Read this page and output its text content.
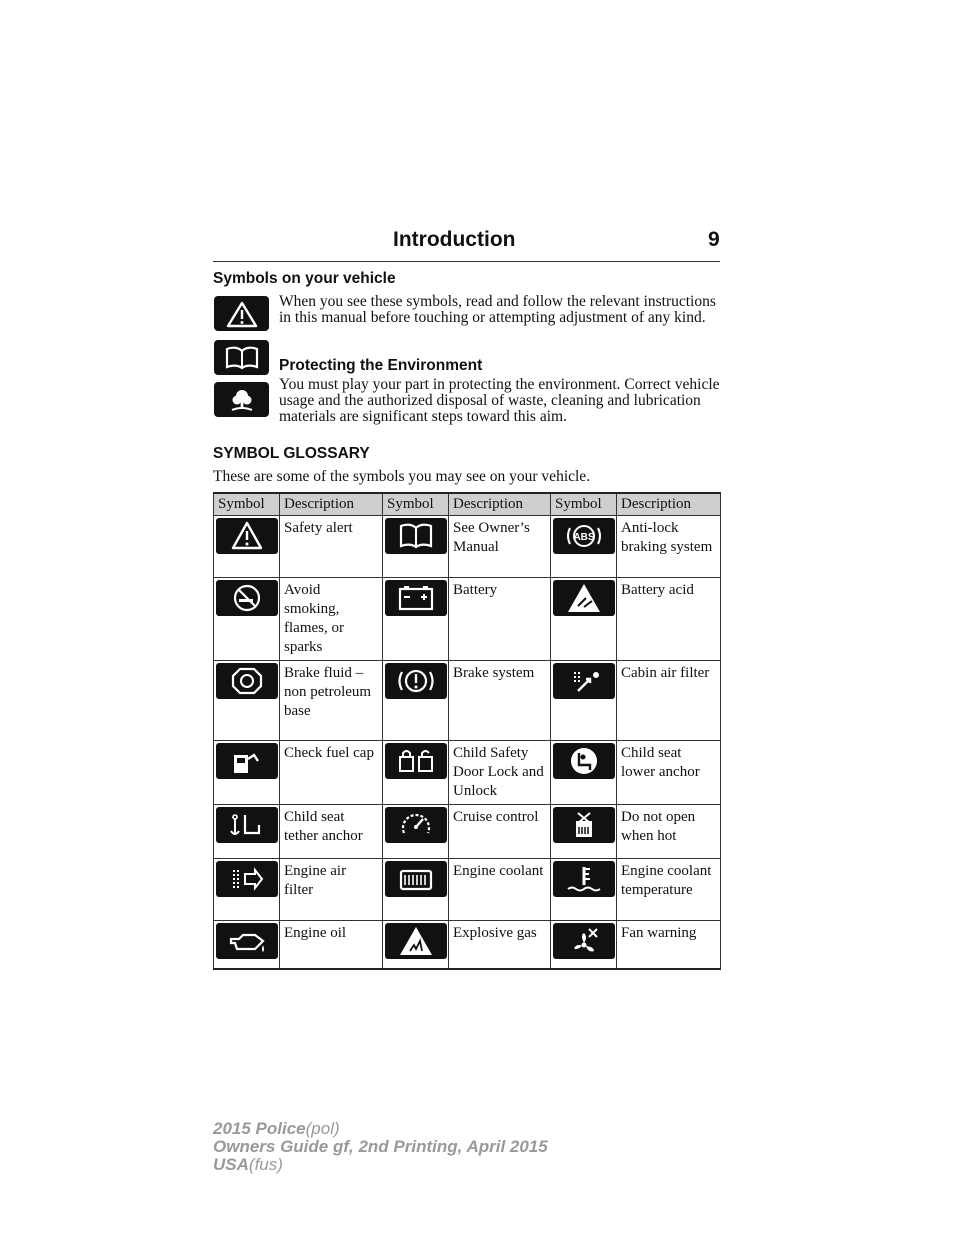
Introduction	9
Symbols on your vehicle
When you see these symbols, read and follow the relevant instructions in this manual before touching or attempting adjustment of any kind.
Protecting the Environment
You must play your part in protecting the environment. Correct vehicle usage and the authorized disposal of waste, cleaning and lubrication materials are significant steps toward this aim.
SYMBOL GLOSSARY
These are some of the symbols you may see on your vehicle.
Symbol	Description	Symbol	Description	Symbol	Description

	Safety alert		See Owner’s Manual	ABS	Anti-lock braking system

	Avoid smoking, flames, or sparks		Battery		Battery acid

	Brake fluid – non petroleum base		Brake system		Cabin air filter

	Check fuel cap		Child Safety Door Lock and Unlock		Child seat lower anchor

	Child seat tether anchor		Cruise control		Do not open when hot

	Engine air filter		Engine coolant		Engine coolant temperature

	Engine oil		Explosive gas		Fan warning
2015 Police(pol)
Owners Guide gf, 2nd Printing, April 2015
USA(fus)
